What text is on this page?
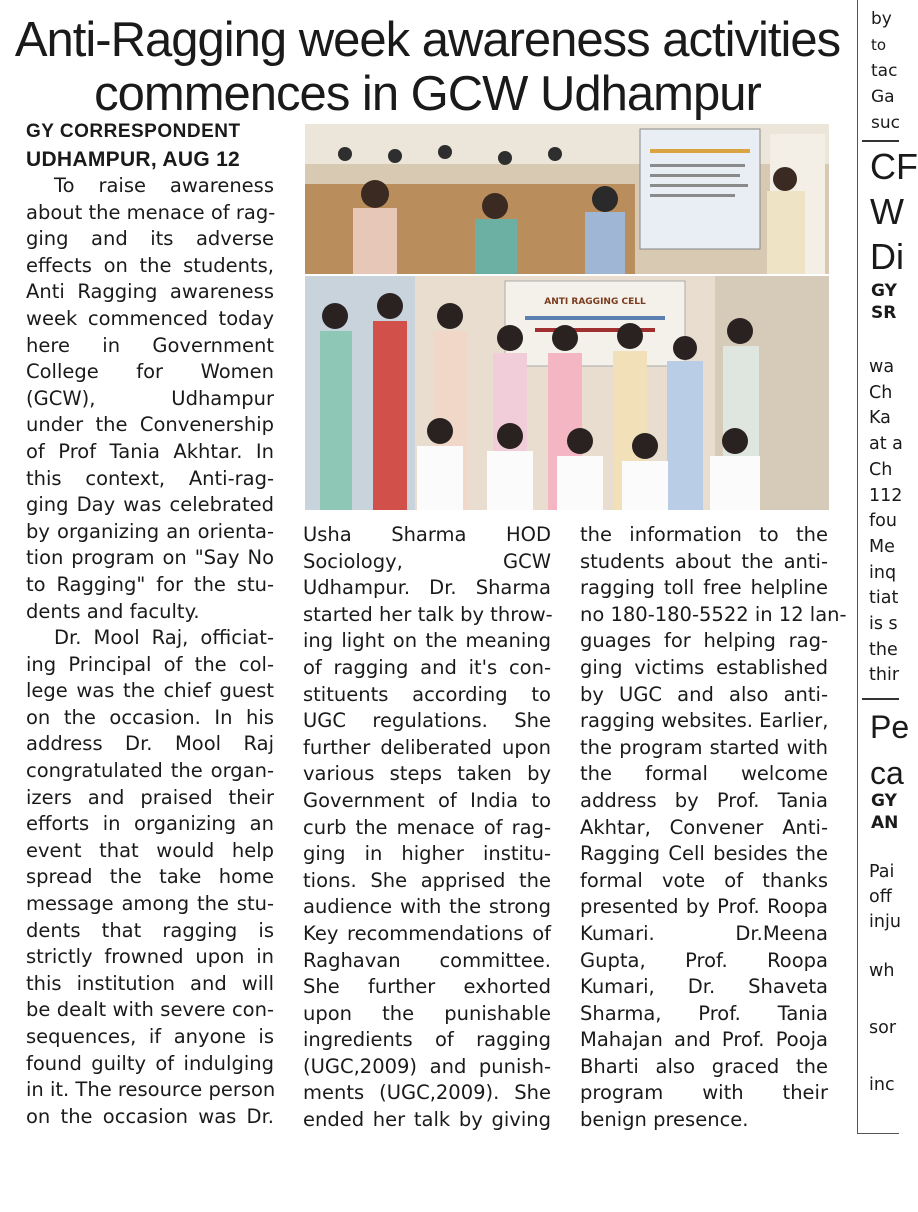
Anti-Ragging week awareness activities
commences in GCW Udhampur
GY CORRESPONDENT
UDHAMPUR, AUG 12
ANTI RAGGING CELL
To raise awareness
about the menace of rag-
ging and its adverse
effects on the students,
Anti Ragging awareness
week commenced today
here in Government
College for Women
(GCW), Udhampur
under the Convenership
of Prof Tania Akhtar. In
this context, Anti-rag-
ging Day was celebrated
by organizing an orienta-
tion program on "Say No
to Ragging" for the stu-
dents and faculty.
Dr. Mool Raj, officiat-
ing Principal of the col-
lege was the chief guest
on the occasion. In his
address Dr. Mool Raj
congratulated the organ-
izers and praised their
efforts in organizing an
event that would help
spread the take home
message among the stu-
dents that ragging is
strictly frowned upon in
this institution and will
be dealt with severe con-
sequences, if anyone is
found guilty of indulging
in it. The resource person
on the occasion was Dr.
Usha Sharma HOD
Sociology, GCW
Udhampur. Dr. Sharma
started her talk by throw-
ing light on the meaning
of ragging and it's con-
stituents according to
UGC regulations. She
further deliberated upon
various steps taken by
Government of India to
curb the menace of rag-
ging in higher institu-
tions. She apprised the
audience with the strong
Key recommendations of
Raghavan committee.
She further exhorted
upon the punishable
ingredients of ragging
(UGC,2009) and punish-
ments (UGC,2009). She
ended her talk by giving
the information to the
students about the anti-
ragging toll free helpline
no 180-180-5522 in 12 lan-
guages for helping rag-
ging victims established
by UGC and also anti-
ragging websites. Earlier,
the program started with
the formal welcome
address by Prof. Tania
Akhtar, Convener Anti-
Ragging Cell besides the
formal vote of thanks
presented by Prof. Roopa
Kumari. Dr.Meena
Gupta, Prof. Roopa
Kumari, Dr. Shaveta
Sharma, Prof. Tania
Mahajan and Prof. Pooja
Bharti also graced the
program with their
benign presence.
by
to
tac
Ga
suc
CF
W
Di
GY
SR
wa
Ch
Ka
at a
Ch
112
fou
Me
inq
tiat
is s
the
thir
Pe
ca
GY
AN
Pai
off
inju
wh
sor
inc
